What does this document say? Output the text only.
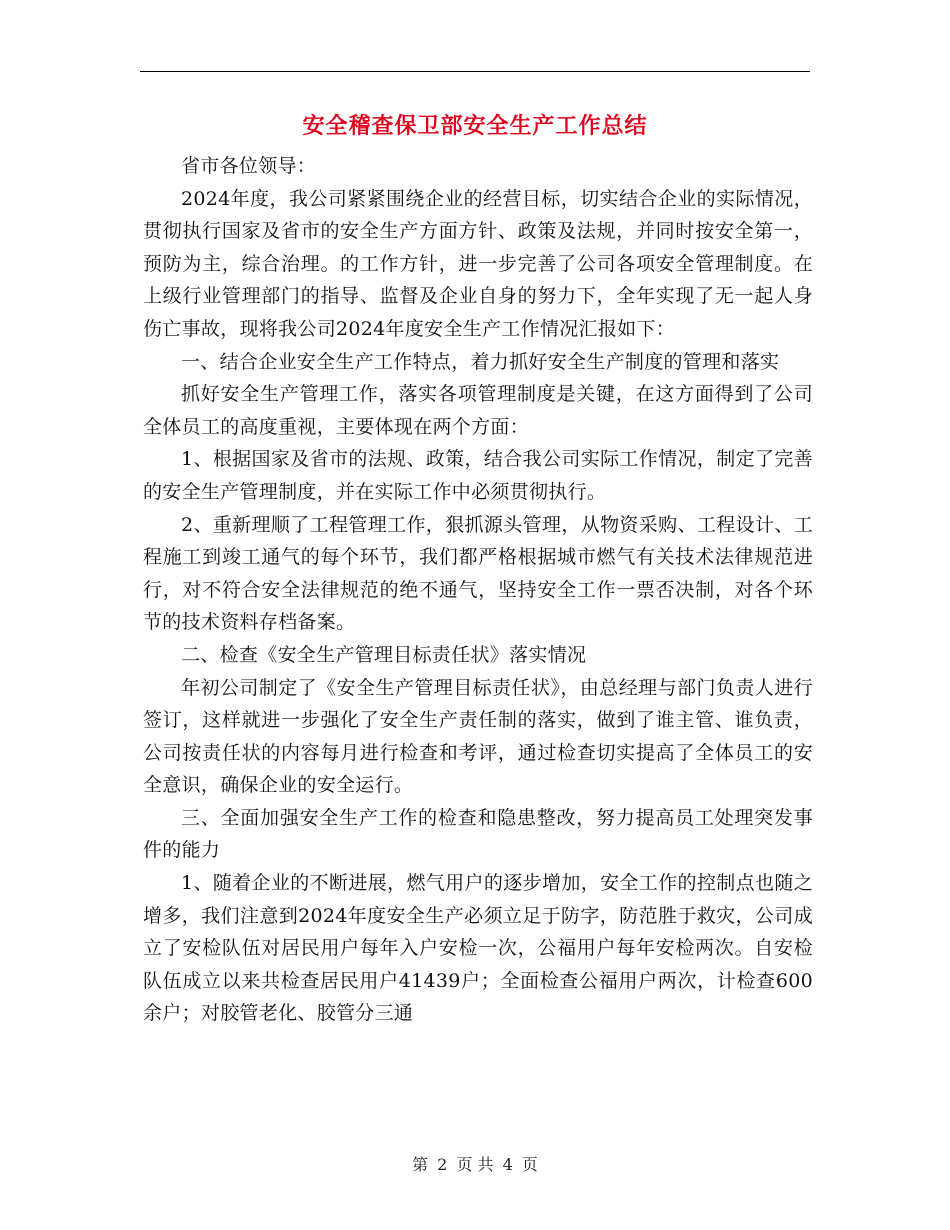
安全稽查保卫部安全生产工作总结

省市各位领导：

2024年度，我公司紧紧围绕企业的经营目标，切实结合企业的实际情况，贯彻执行国家及省市的安全生产方面方针、政策及法规，并同时按安全第一，预防为主，综合治理。的工作方针，进一步完善了公司各项安全管理制度。在上级行业管理部门的指导、监督及企业自身的努力下，全年实现了无一起人身伤亡事故，现将我公司2024年度安全生产工作情况汇报如下：

一、结合企业安全生产工作特点，着力抓好安全生产制度的管理和落实

抓好安全生产管理工作，落实各项管理制度是关键，在这方面得到了公司全体员工的高度重视，主要体现在两个方面：

1、根据国家及省市的法规、政策，结合我公司实际工作情况，制定了完善的安全生产管理制度，并在实际工作中必须贯彻执行。

2、重新理顺了工程管理工作，狠抓源头管理，从物资采购、工程设计、工程施工到竣工通气的每个环节，我们都严格根据城市燃气有关技术法律规范进行，对不符合安全法律规范的绝不通气，坚持安全工作一票否决制，对各个环节的技术资料存档备案。

二、检查《安全生产管理目标责任状》落实情况

年初公司制定了《安全生产管理目标责任状》，由总经理与部门负责人进行签订，这样就进一步强化了安全生产责任制的落实，做到了谁主管、谁负责，公司按责任状的内容每月进行检查和考评，通过检查切实提高了全体员工的安全意识，确保企业的安全运行。

三、全面加强安全生产工作的检查和隐患整改，努力提高员工处理突发事件的能力

1、随着企业的不断进展，燃气用户的逐步增加，安全工作的控制点也随之增多，我们注意到2024年度安全生产必须立足于防字，防范胜于救灾，公司成立了安检队伍对居民用户每年入户安检一次，公福用户每年安检两次。自安检队伍成立以来共检查居民用户41439户；全面检查公福用户两次，计检查600余户；对胶管老化、胶管分三通

第 2 页 共 4 页
